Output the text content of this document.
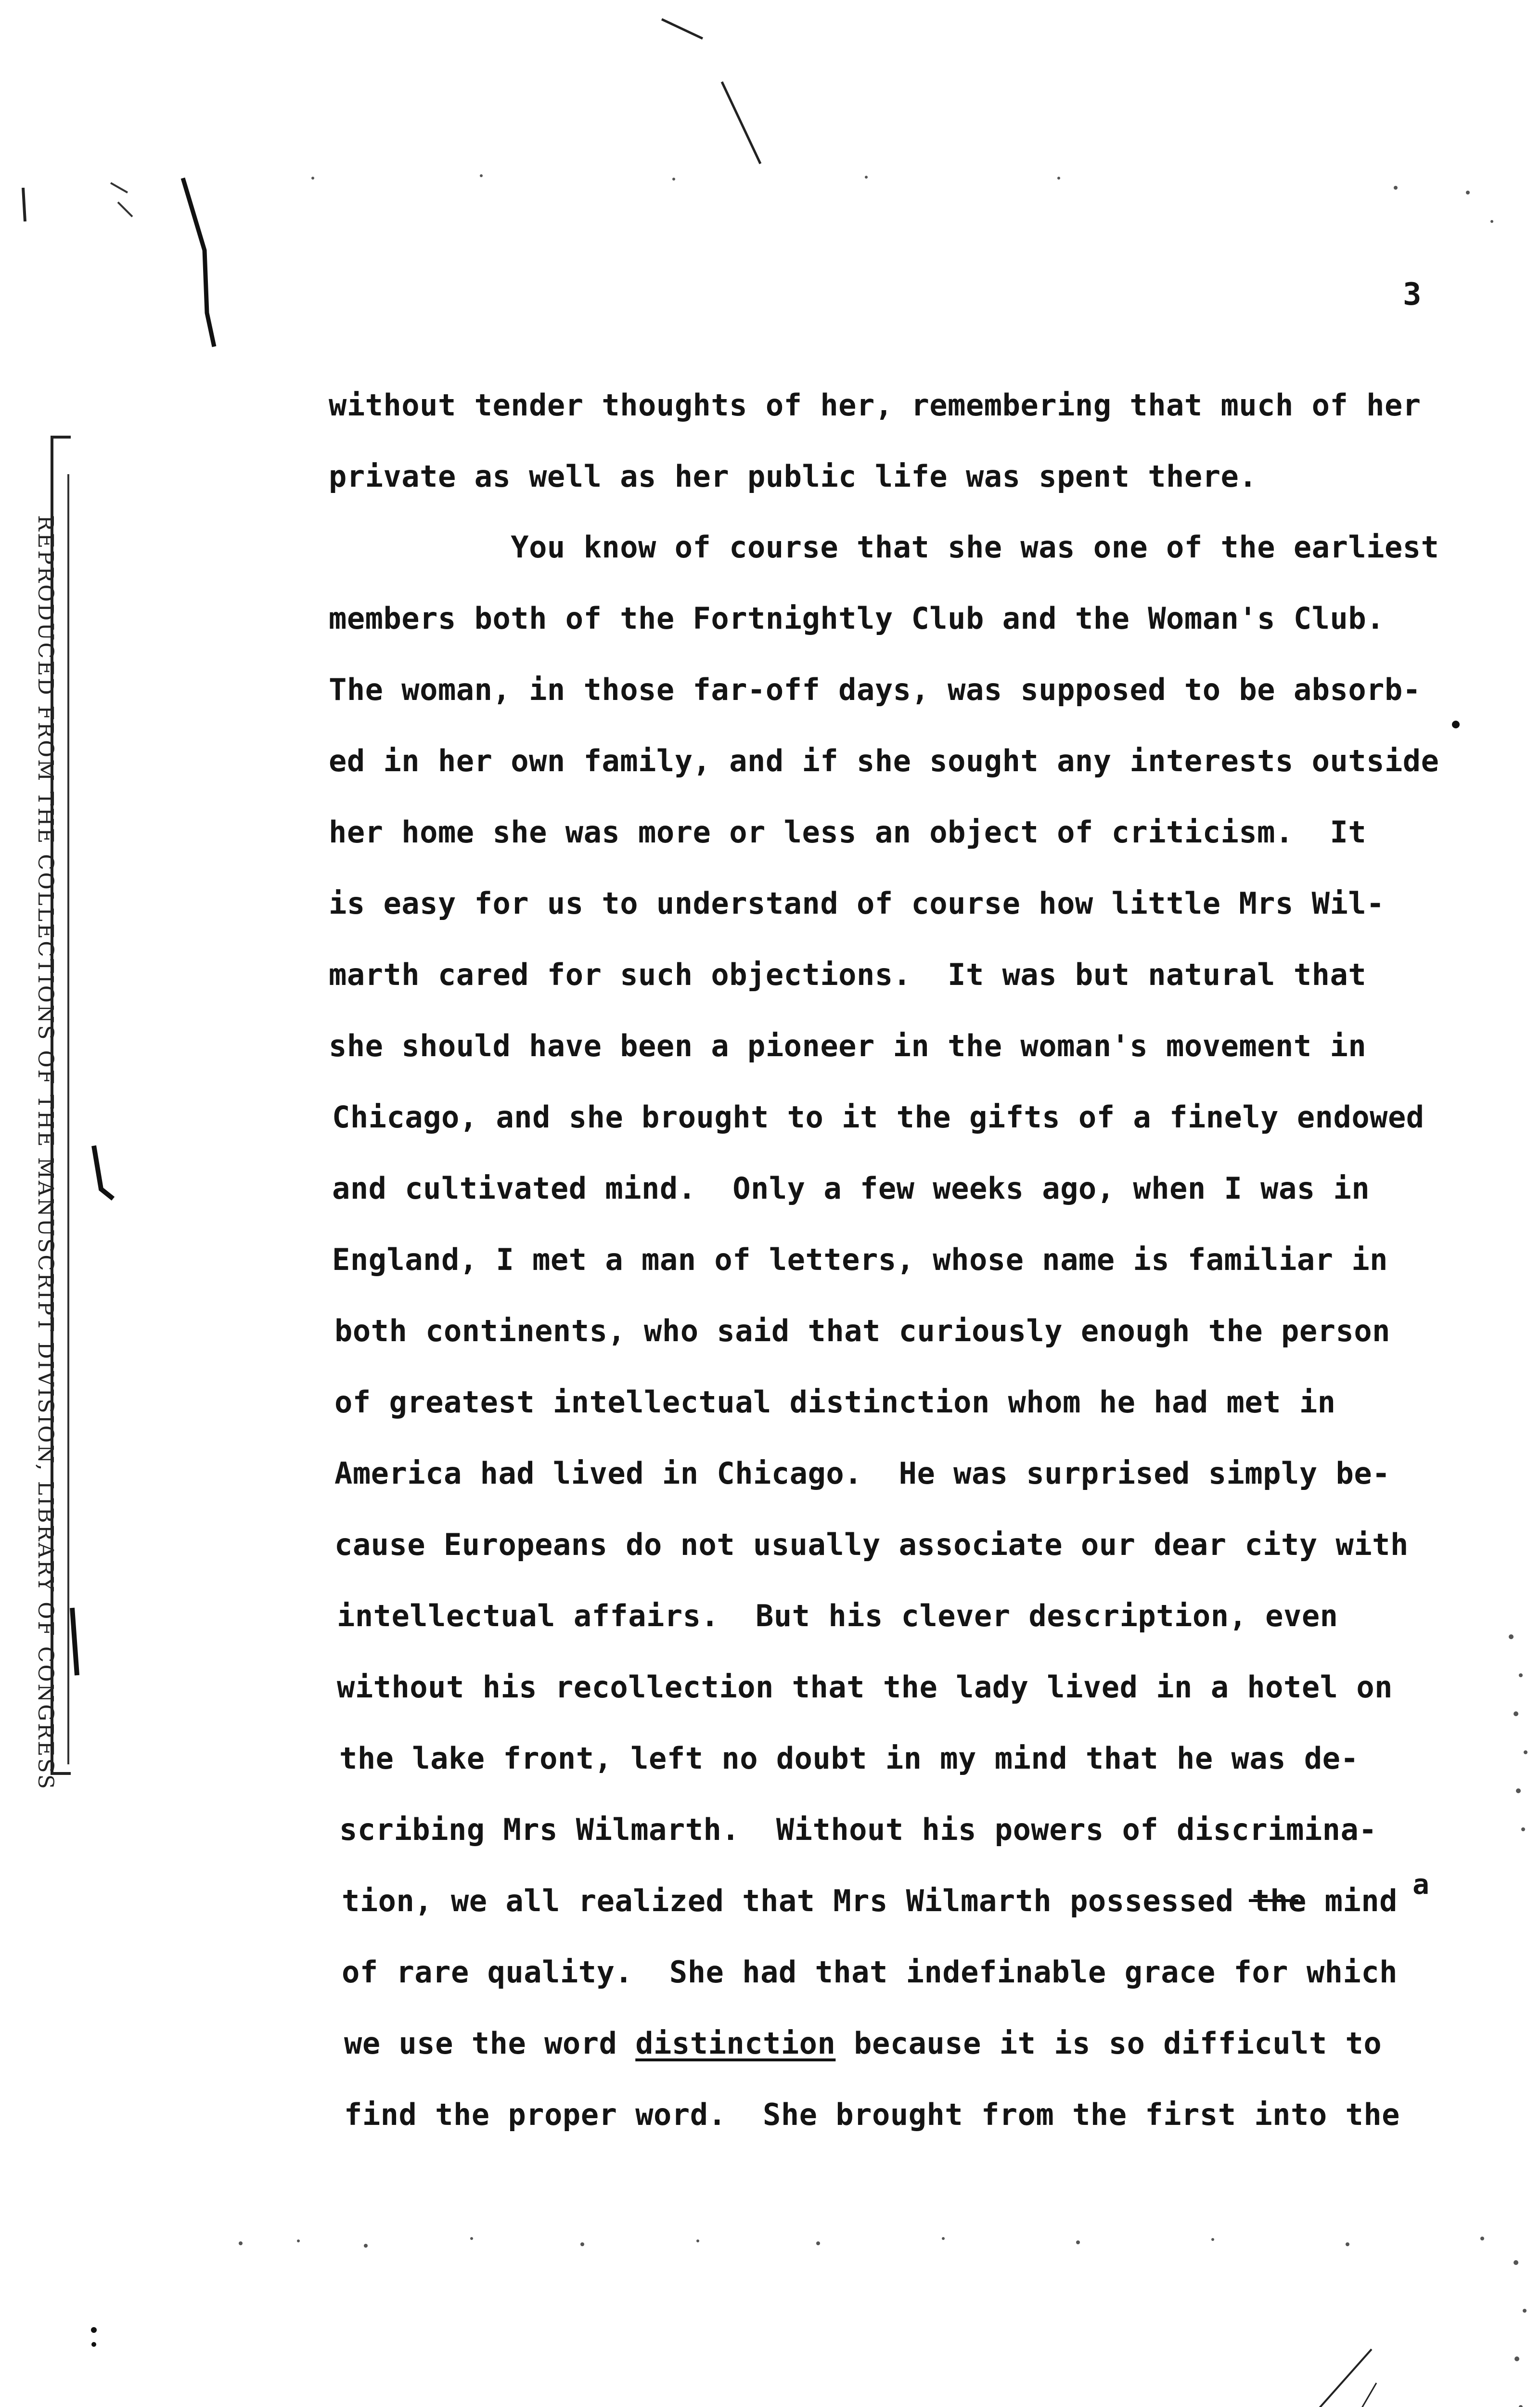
REPRODUCED FROM THE COLLECTIONS OF THE MANUSCRIPT DIVISION, LIBRARY OF CONGRESS
3
without tender thoughts of her, remembering that much of her
private as well as her public life was spent there.
You know of course that she was one of the earliest
members both of the Fortnightly Club and the Woman's Club.
The woman, in those far-off days, was supposed to be absorb-
ed in her own family, and if she sought any interests outside
her home she was more or less an object of criticism.  It
is easy for us to understand of course how little Mrs Wil-
marth cared for such objections.  It was but natural that
she should have been a pioneer in the woman's movement in
Chicago, and she brought to it the gifts of a finely endowed
and cultivated mind.  Only a few weeks ago, when I was in
England, I met a man of letters, whose name is familiar in
both continents, who said that curiously enough the person
of greatest intellectual distinction whom he had met in
America had lived in Chicago.  He was surprised simply be-
cause Europeans do not usually associate our dear city with
intellectual affairs.  But his clever description, even
without his recollection that the lady lived in a hotel on
the lake front, left no doubt in my mind that he was de-
scribing Mrs Wilmarth.  Without his powers of discrimina-
tion, we all realized that Mrs Wilmarth possessed the mind a
of rare quality.  She had that indefinable grace for which
we use the word distinction because it is so difficult to
find the proper word.  She brought from the first into the
